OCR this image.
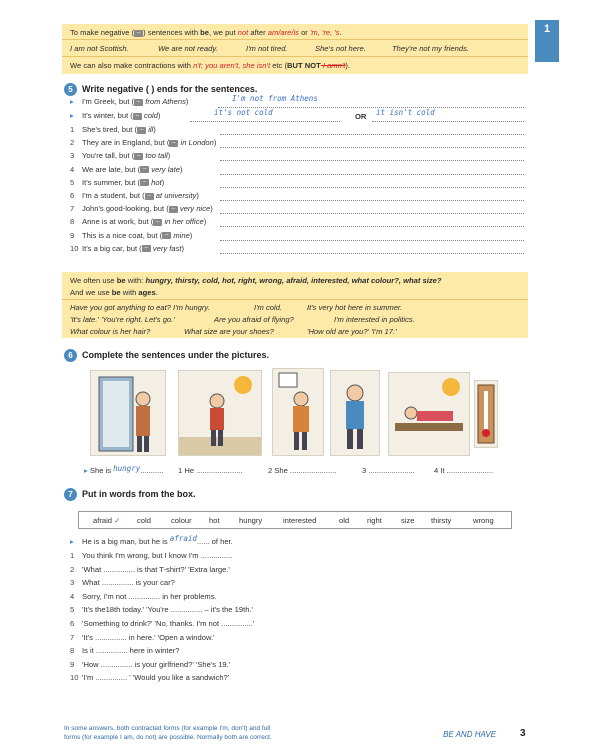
1
Level
To make negative ( – ) sentences with be, we put not after am/are/is or 'm, 're, 's.
I am not Scottish.	We are not ready.	I'm not tired.	She's not here.	They're not my friends.
We can also make contractions with n't: you aren't, she isn't etc (BUT NOT I amn't).
5	Write negative ( ) ends for the sentences.
▸ I'm Greek, but ( – from Athens)	I'm not from Athens
▸ It's winter, but ( – cold)	it's not cold	OR it isn't cold
1 She's tired, but ( – ill)
2 They are in England, but ( – in London)
3 You're tall, but ( – too tall)
4 We are late, but ( – very late)
5 It's summer, but ( – hot)
6 I'm a student, but ( – at university)
7 John's good-looking, but ( – very nice)
8 Anne is at work, but ( – in her office)
9 This is a nice coat, but ( – mine)
10 It's a big car, but ( – very fast)
We often use be with: hungry, thirsty, cold, hot, right, wrong, afraid, interested, what colour?, what size?
And we use be with ages.
Have you got anything to eat? I'm hungry.	I'm cold.	It's very hot here in summer.
'It's late.' 'You're right. Let's go.'	Are you afraid of flying?	I'm interested in politics.
What colour is her hair?	What size are your shoes?	'How old are you?' 'I'm 17.'
6	Complete the sentences under the pictures.
▸ She is hungry........... 1 He ......................	2 She ......................	3 ......................	4 It ......................
7	Put in words from the box.
afraid ✓ cold	colour hot	hungry	interested	old right	size thirsty	wrong
▸ He is a big man, but he is afraid...... of her.
1 You think I'm wrong, but I know I'm ...............
2 'What ............... is that T-shirt?' 'Extra large.'
3 What ............... is your car?
4 Sorry, I'm not ............... in her problems.
5 'It's the18th today.' 'You're ............... – it's the 19th.'
6 'Something to drink?' 'No, thanks. I'm not ...............'
7 'It's ............... in here.' 'Open a window.'
8 Is it ............... here in winter?
9 'How ............... is your girlfriend?' 'She's 19.'
10 'I'm ............... ' 'Would you like a sandwich?'
In some answers, both contracted forms (for example I'm, don't) and full
forms (for example I am, do not) are possible. Normally both are correct.	BE AND HAVE 3
